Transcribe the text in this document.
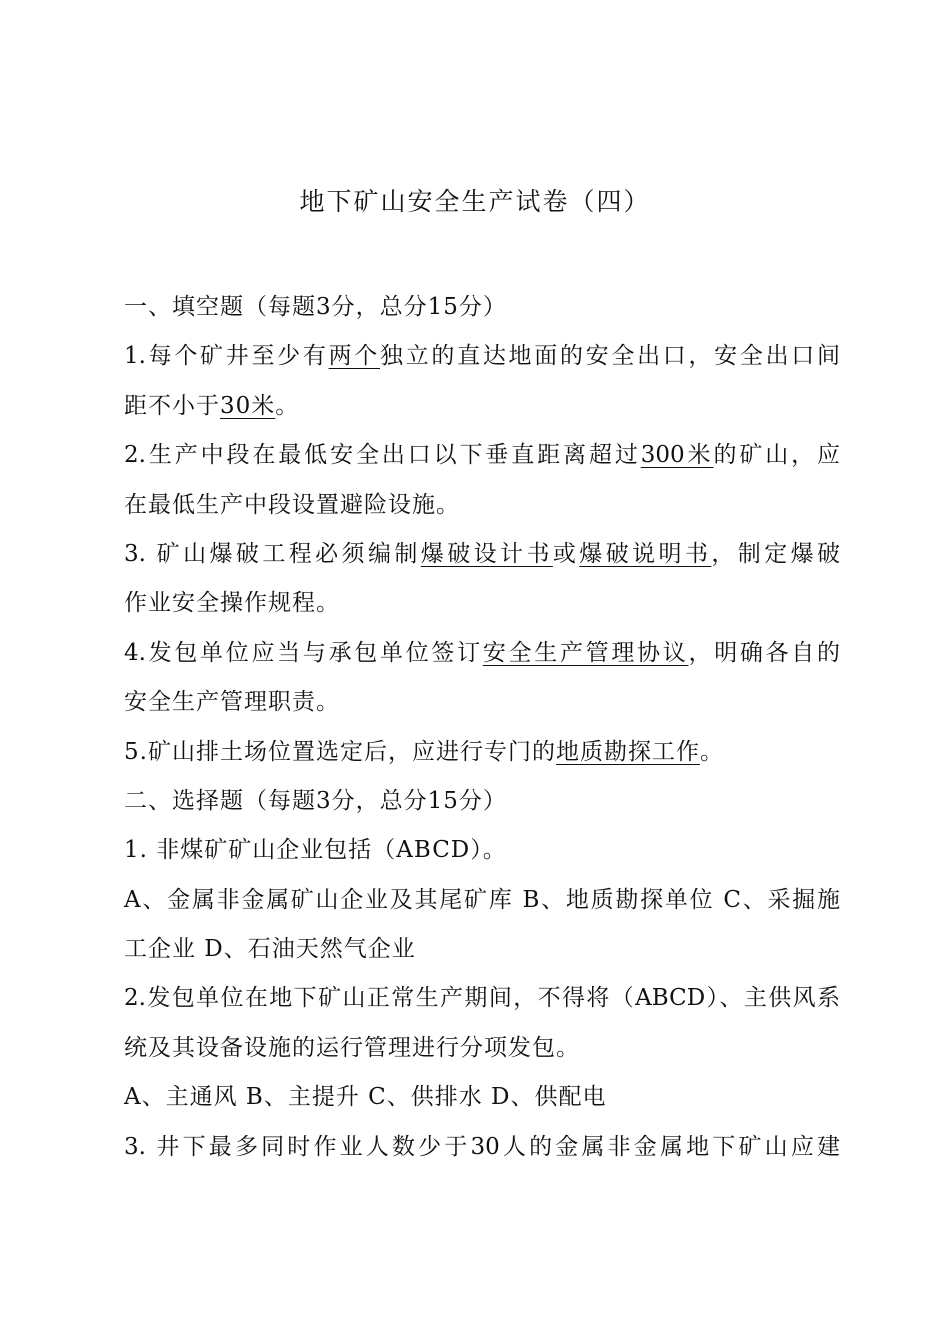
地下矿山安全生产试卷（四）
一、填空题（每题3分，总分15分）
1.每个矿井至少有两个独立的直达地面的安全出口，安全出口间
距不小于30米。
2.生产中段在最低安全出口以下垂直距离超过300米的矿山，应
在最低生产中段设置避险设施。
3. 矿山爆破工程必须编制爆破设计书或爆破说明书，制定爆破
作业安全操作规程。
4.发包单位应当与承包单位签订安全生产管理协议，明确各自的
安全生产管理职责。
5.矿山排土场位置选定后，应进行专门的地质勘探工作。
二、选择题（每题3分，总分15分）
1. 非煤矿矿山企业包括（ABCD）。
A、金属非金属矿山企业及其尾矿库 B、地质勘探单位 C、采掘施
工企业 D、石油天然气企业
2.发包单位在地下矿山正常生产期间，不得将（ABCD）、主供风系
统及其设备设施的运行管理进行分项发包。
A、主通风 B、主提升 C、供排水 D、供配电
3. 井下最多同时作业人数少于30人的金属非金属地下矿山应建
